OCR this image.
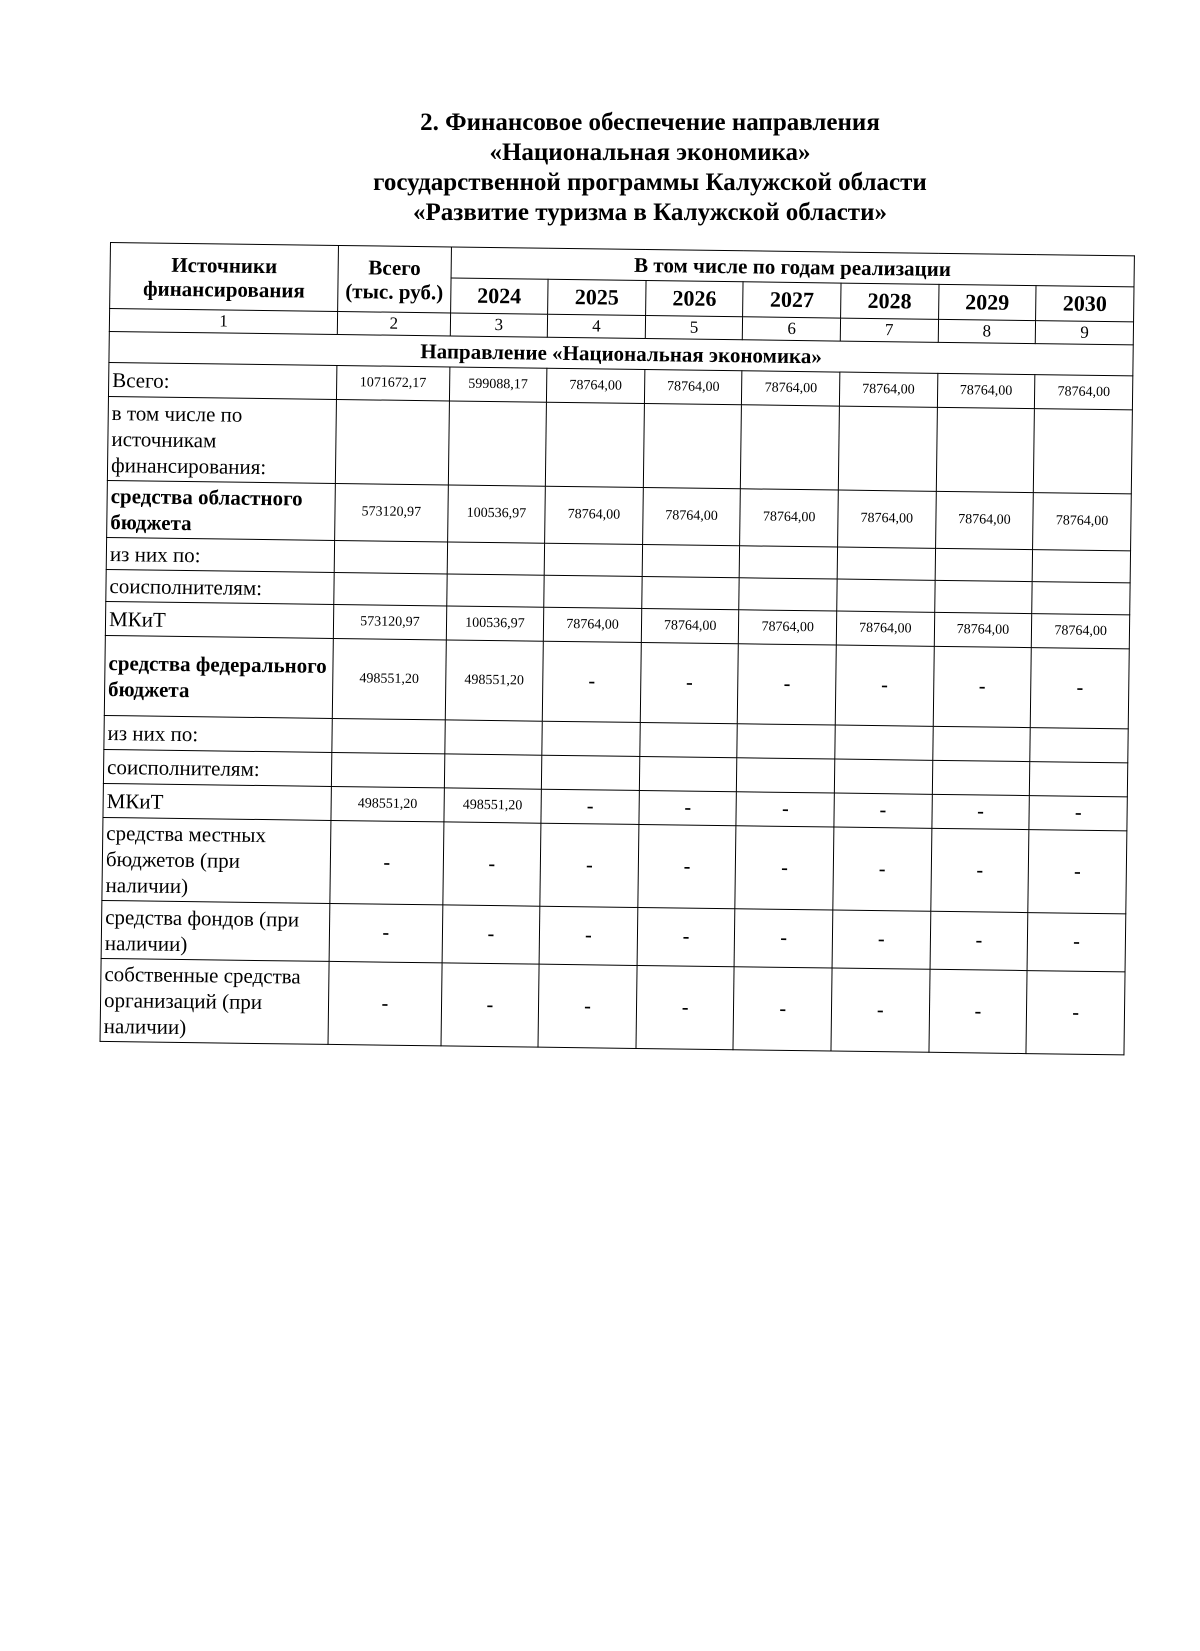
2. Финансовое обеспечение направления
«Национальная экономика»
государственной программы Калужской области
«Развитие туризма в Калужской области»
Источники финансирования	Всего (тыс. руб.)	В том числе по годам реализации						
		2024	2025	2026	2027	2028	2029	2030
1	2	3	4	5	6	7	8	9
Направление «Национальная экономика»								
Всего:	1071672,17	599088,17	78764,00	78764,00	78764,00	78764,00	78764,00	78764,00
в том числе по источникам финансирования:								
средства областного бюджета	573120,97	100536,97	78764,00	78764,00	78764,00	78764,00	78764,00	78764,00
из них по:								
соисполнителям:								
МКиТ	573120,97	100536,97	78764,00	78764,00	78764,00	78764,00	78764,00	78764,00
средства федерального бюджета	498551,20	498551,20	-	-	-	-	-	-
из них по:								
соисполнителям:								
МКиТ	498551,20	498551,20	-	-	-	-	-	-
средства местных бюджетов (при наличии)	-	-	-	-	-	-	-	-
средства фондов (при наличии)	-	-	-	-	-	-	-	-
собственные средства организаций (при наличии)	-	-	-	-	-	-	-	-
